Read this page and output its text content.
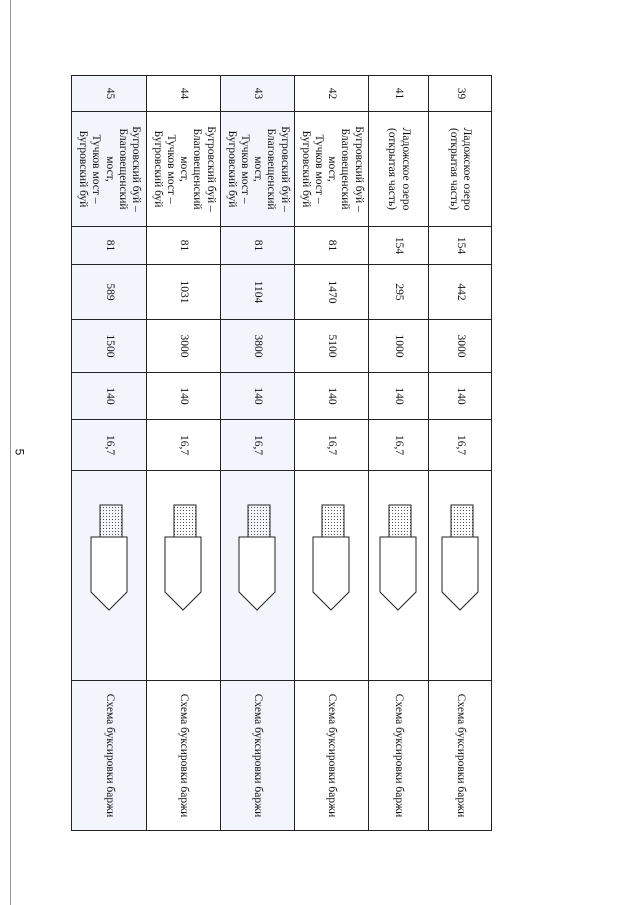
5
39	Ладожское озеро
(открытая часть)	154	442	3000	140	16,7		Схема буксировки баржи
41	Ладожское озеро
(открытая часть)	154	295	1000	140	16,7		Схема буксировки баржи
42	Бугровский буй –
Благовещенский
мост,
Тучков мост –
Бугровский буй	81	1470	5100	140	16,7		Схема буксировки баржи
43	Бугровский буй –
Благовещенский
мост,
Тучков мост –
Бугровский буй	81	1104	3800	140	16,7		Схема буксировки баржи
44	Бугровский буй –
Благовещенский
мост,
Тучков мост –
Бугровский буй	81	1031	3000	140	16,7		Схема буксировки баржи
45	Бугровский буй –
Благовещенский
мост,
Тучков мост –
Бугровский буй	81	589	1500	140	16,7		Схема буксировки баржи
